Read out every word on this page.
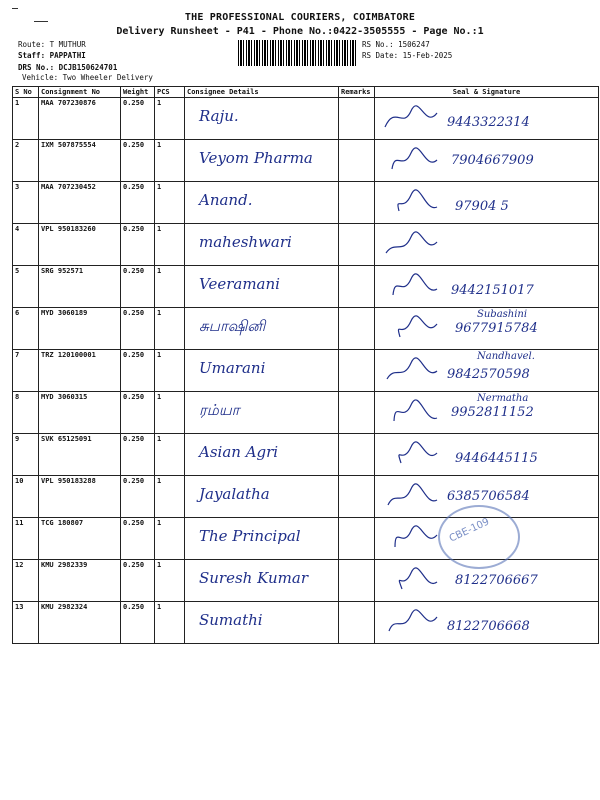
THE PROFESSIONAL COURIERS, COIMBATORE
Delivery Runsheet - P41 - Phone No.:0422-3505555 - Page No.:1
Route: T MUTHUR
Staff: PAPPATHI
DRS No.: DCJB150624701
Vehicle: Two Wheeler Delivery
RS No.: 1506247
RS Date: 15-Feb-2025
S No	Consignment No	Weight	PCS	Consignee Details	Remarks	Seal & Signature
1	MAA 707230876	0.250	1	Raju.		9443322314

2	IXM 507875554	0.250	1	Veyom Pharma		7904667909

3	MAA 707230452	0.250	1	Anand.		97904 5

4	VPL 950183260	0.250	1	maheshwari

5	SRG 952571	0.250	1	Veeramani		9442151017

6	MYD 3060189	0.250	1	சுபாஷினி		9677915784
Subashini

7	TRZ 120100001	0.250	1	Umarani		9842570598
Nandhavel.

8	MYD 3060315	0.250	1	ரம்யா		9952811152
Nermatha

9	SVK 65125091	0.250	1	Asian Agri		9446445115

10	VPL 950183288	0.250	1	Jayalatha		6385706584

11	TCG 180807	0.250	1	The Principal

12	KMU 2982339	0.250	1	Suresh Kumar		8122706667

13	KMU 2982324	0.250	1	Sumathi		8122706668
CBE-109
